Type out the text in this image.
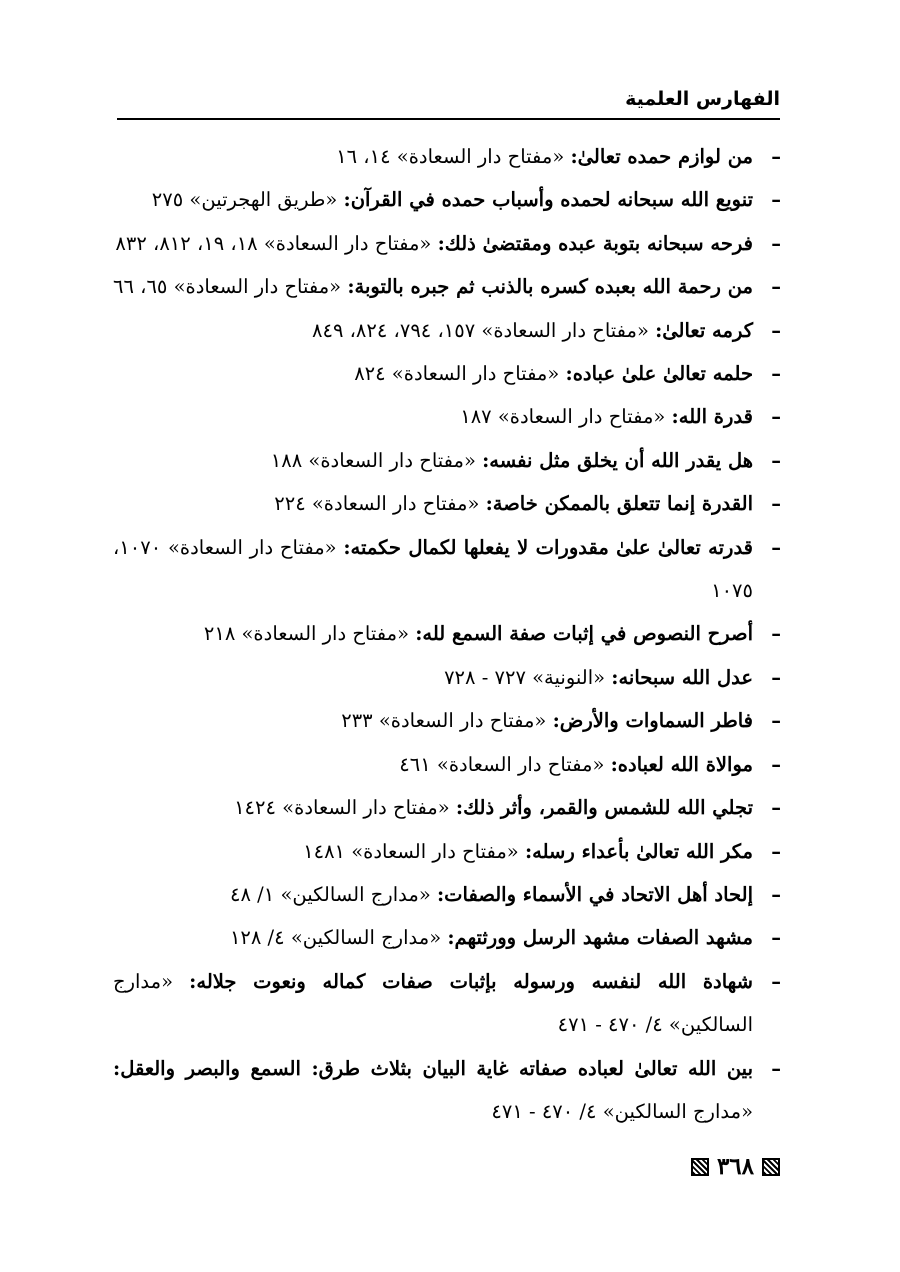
الفهارس العلمية
–
من لوازم حمده تعالىٰ: «مفتاح دار السعادة» ١٤، ١٦
–
تنويع الله سبحانه لحمده وأسباب حمده في القرآن: «طريق الهجرتين» ٢٧٥
–
فرحه سبحانه بتوبة عبده ومقتضىٰ ذلك: «مفتاح دار السعادة» ١٨، ١٩، ٨١٢، ٨٣٢
–
من رحمة الله بعبده كسره بالذنب ثم جبره بالتوبة: «مفتاح دار السعادة» ٦٥، ٦٦
–
كرمه تعالىٰ: «مفتاح دار السعادة» ١٥٧، ٧٩٤، ٨٢٤، ٨٤٩
–
حلمه تعالىٰ علىٰ عباده: «مفتاح دار السعادة» ٨٢٤
–
قدرة الله: «مفتاح دار السعادة» ١٨٧
–
هل يقدر الله أن يخلق مثل نفسه: «مفتاح دار السعادة» ١٨٨
–
القدرة إنما تتعلق بالممكن خاصة: «مفتاح دار السعادة» ٢٢٤
–
قدرته تعالىٰ علىٰ مقدورات لا يفعلها لكمال حكمته: «مفتاح دار السعادة» ١٠٧٠، ١٠٧٥
–
أصرح النصوص في إثبات صفة السمع لله: «مفتاح دار السعادة» ٢١٨
–
عدل الله سبحانه: «النونية» ٧٢٧ - ٧٢٨
–
فاطر السماوات والأرض: «مفتاح دار السعادة» ٢٣٣
–
موالاة الله لعباده: «مفتاح دار السعادة» ٤٦١
–
تجلي الله للشمس والقمر، وأثر ذلك: «مفتاح دار السعادة» ١٤٢٤
–
مكر الله تعالىٰ بأعداء رسله: «مفتاح دار السعادة» ١٤٨١
–
إلحاد أهل الاتحاد في الأسماء والصفات: «مدارج السالكين» ١/ ٤٨
–
مشهد الصفات مشهد الرسل وورثتهم: «مدارج السالكين» ٤/ ١٢٨
–
شهادة الله لنفسه ورسوله بإثبات صفات كماله ونعوت جلاله: «مدارج السالكين» ٤/ ٤٧٠ - ٤٧١
–
بين الله تعالىٰ لعباده صفاته غاية البيان بثلاث طرق: السمع والبصر والعقل: «مدارج السالكين» ٤/ ٤٧٠ - ٤٧١
٣٦٨
